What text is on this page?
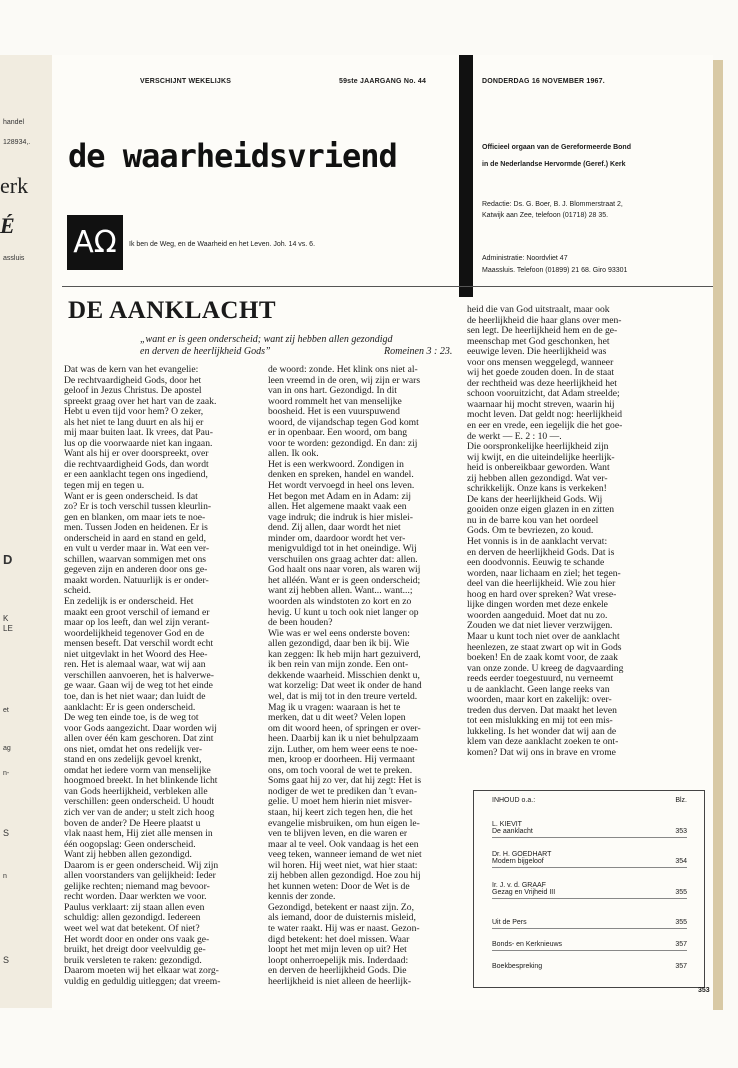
handel
128934,.
erk
É
assluis
D
K
LE
et
ag
n-
S
n
S
VERSCHIJNT WEKELIJKS	59ste JAARGANG No. 44	DONDERDAG 16 NOVEMBER 1967.
de waarheidsvriend
ΑΩ	Ik ben de Weg, en de Waarheid en het Leven. Joh. 14 vs. 6.
Officieel orgaan van de Gereformeerde Bond
in de Nederlandse Hervormde (Geref.) Kerk
Redactie: Ds. G. Boer, B. J. Blommerstraat 2,
Katwijk aan Zee, telefoon (01718) 28 35.
Administratie: Noordvliet 47
Maassluis. Telefoon (01899) 21 68. Giro 93301
DE AANKLACHT
„want er is geen onderscheid; want zij hebben allen gezondigd
en derven de heerlijkheid Gods”	Romeinen 3 : 23.

Dat was de kern van het evangelie:

De rechtvaardigheid Gods, door het

geloof in Jezus Christus. De apostel

spreekt graag over het hart van de zaak.

Hebt u even tijd voor hem? O zeker,

als het niet te lang duurt en als hij er

mij maar buiten laat. Ik vrees, dat Pau-

lus op die voorwaarde niet kan ingaan.

Want als hij er over doorspreekt, over

die rechtvaardigheid Gods, dan wordt

er een aanklacht tegen ons ingediend,

tegen mij en tegen u.

Want er is geen onderscheid. Is dat

zo? Er is toch verschil tussen kleurlin-

gen en blanken, om maar iets te noe-

men. Tussen Joden en heidenen. Er is

onderscheid in aard en stand en geld,

en vult u verder maar in. Wat een ver-

schillen, waarvan sommigen met ons

gegeven zijn en anderen door ons ge-

maakt worden. Natuurlijk is er onder-

scheid.

En zedelijk is er onderscheid. Het

maakt een groot verschil of iemand er

maar op los leeft, dan wel zijn verant-

woordelijkheid tegenover God en de

mensen beseft. Dat verschil wordt echt

niet uitgevlakt in het Woord des Hee-

ren. Het is alemaal waar, wat wij aan

verschillen aanvoeren, het is halverwe-

ge waar. Gaan wij de weg tot het einde

toe, dan is het niet waar; dan luidt de

aanklacht: Er is geen onderscheid.

De weg ten einde toe, is de weg tot

voor Gods aangezicht. Daar worden wij

allen over één kam geschoren. Dat zint

ons niet, omdat het ons redelijk ver-

stand en ons zedelijk gevoel krenkt,

omdat het iedere vorm van menselijke

hoogmoed breekt. In het blinkende licht

van Gods heerlijkheid, verbleken alle

verschillen: geen onderscheid. U houdt

zich ver van de ander; u stelt zich hoog

boven de ander? De Heere plaatst u

vlak naast hem, Hij ziet alle mensen in

één oogopslag: Geen onderscheid.

Want zij hebben allen gezondigd.

Daarom is er geen onderscheid. Wij zijn

allen voorstanders van gelijkheid: Ieder

gelijke rechten; niemand mag bevoor-

recht worden. Daar werkten we voor.

Paulus verklaart: zij staan allen even

schuldig: allen gezondigd. Iedereen

weet wel wat dat betekent. Of niet?

Het wordt door en onder ons vaak ge-

bruikt, het dreigt door veelvuldig ge-

bruik versleten te raken: gezondigd.

Daarom moeten wij het elkaar wat zorg-

vuldig en geduldig uitleggen; dat vreem-

de woord: zonde. Het klink ons niet al-

leen vreemd in de oren, wij zijn er wars

van in ons hart. Gezondigd. In dit

woord rommelt het van menselijke

boosheid. Het is een vuurspuwend

woord, de vijandschap tegen God komt

er in openbaar. Een woord, om bang

voor te worden: gezondigd. En dan: zij

allen. Ik ook.

Het is een werkwoord. Zondigen in

denken en spreken, handel en wandel.

Het wordt vervoegd in heel ons leven.

Het begon met Adam en in Adam: zij

allen. Het algemene maakt vaak een

vage indruk; die indruk is hier mislei-

dend. Zij allen, daar wordt het niet

minder om, daardoor wordt het ver-

menigvuldigd tot in het oneindige. Wij

verschuilen ons graag achter dat: allen.

God haalt ons naar voren, als waren wij

het alléén. Want er is geen onderscheid;

want zij hebben allen. Want... want...;

woorden als windstoten zo kort en zo

hevig. U kunt u toch ook niet langer op

de been houden?

Wie was er wel eens onderste boven:

allen gezondigd, daar ben ik bij. Wie

kan zeggen: Ik heb mijn hart gezuiverd,

ik ben rein van mijn zonde. Een ont-

dekkende waarheid. Misschien denkt u,

wat korzelig: Dat weet ik onder de hand

wel, dat is mij tot in den treure verteld.

Mag ik u vragen: waaraan is het te

merken, dat u dit weet? Velen lopen

om dit woord heen, of springen er over-

heen. Daarbij kan ik u niet behulpzaam

zijn. Luther, om hem weer eens te noe-

men, kroop er doorheen. Hij vermaant

ons, om toch vooral de wet te preken.

Soms gaat hij zo ver, dat hij zegt: Het is

nodiger de wet te prediken dan 't evan-

gelie. U moet hem hierin niet misver-

staan, hij keert zich tegen hen, die het

evangelie misbruiken, om hun eigen le-

ven te blijven leven, en die waren er

maar al te veel. Ook vandaag is het een

veeg teken, wanneer iemand de wet niet

wil horen. Hij weet niet, wat hier staat:

zij hebben allen gezondigd. Hoe zou hij

het kunnen weten: Door de Wet is de

kennis der zonde.

Gezondigd, betekent er naast zijn. Zo,

als iemand, door de duisternis misleid,

te water raakt. Hij was er naast. Gezon-

digd betekent: het doel missen. Waar

loopt het met mijn leven op uit? Het

loopt onherroepelijk mis. Inderdaad:

en derven de heerlijkheid Gods. Die

heerlijkheid is niet alleen de heerlijk-

heid die van God uitstraalt, maar ook

de heerlijkheid die haar glans over men-

sen legt. De heerlijkheid hem en de ge-

meenschap met God geschonken, het

eeuwige leven. Die heerlijkheid was

voor ons mensen weggelegd, wanneer

wij het goede zouden doen. In de staat

der rechtheid was deze heerlijkheid het

schoon vooruitzicht, dat Adam streelde;

waarnaar hij mocht streven, waarin hij

mocht leven. Dat geldt nog: heerlijkheid

en eer en vrede, een iegelijk die het goe-

de werkt — E. 2 : 10 —.

Die oorspronkelijke heerlijkheid zijn

wij kwijt, en die uiteindelijke heerlijk-

heid is onbereikbaar geworden. Want

zij hebben allen gezondigd. Wat ver-

schrikkelijk. Onze kans is verkeken!

De kans der heerlijkheid Gods. Wij

gooiden onze eigen glazen in en zitten

nu in de barre kou van het oordeel

Gods. Om te bevriezen, zo koud.

Het vonnis is in de aanklacht vervat:

en derven de heerlijkheid Gods. Dat is

een doodvonnis. Eeuwig te schande

worden, naar lichaam en ziel; het tegen-

deel van die heerlijkheid. Wie zou hier

hoog en hard over spreken? Wat vrese-

lijke dingen worden met deze enkele

woorden aangeduid. Moet dat nu zo.

Zouden we dat niet liever verzwijgen.

Maar u kunt toch niet over de aanklacht

heenlezen, ze staat zwart op wit in Gods

boeken! En de zaak komt voor, de zaak

van onze zonde. U kreeg de dagvaarding

reeds eerder toegestuurd, nu verneemt

u de aanklacht. Geen lange reeks van

woorden, maar kort en zakelijk: over-

treden dus derven. Dat maakt het leven

tot een mislukking en mij tot een mis-

lukkeling. Is het wonder dat wij aan de

klem van deze aanklacht zoeken te ont-

komen? Dat wij ons in brave en vrome

INHOUD o.a.:	Blz.
L. KIEVIT
De aanklacht	353
Dr. H. GOEDHART
Modern bijgeloof	354
Ir. J. v. d. GRAAF
Gezag en Vrijheid III	355
Uit de Pers	355
Bonds- en Kerknieuws	357
Boekbespreking	357
353
